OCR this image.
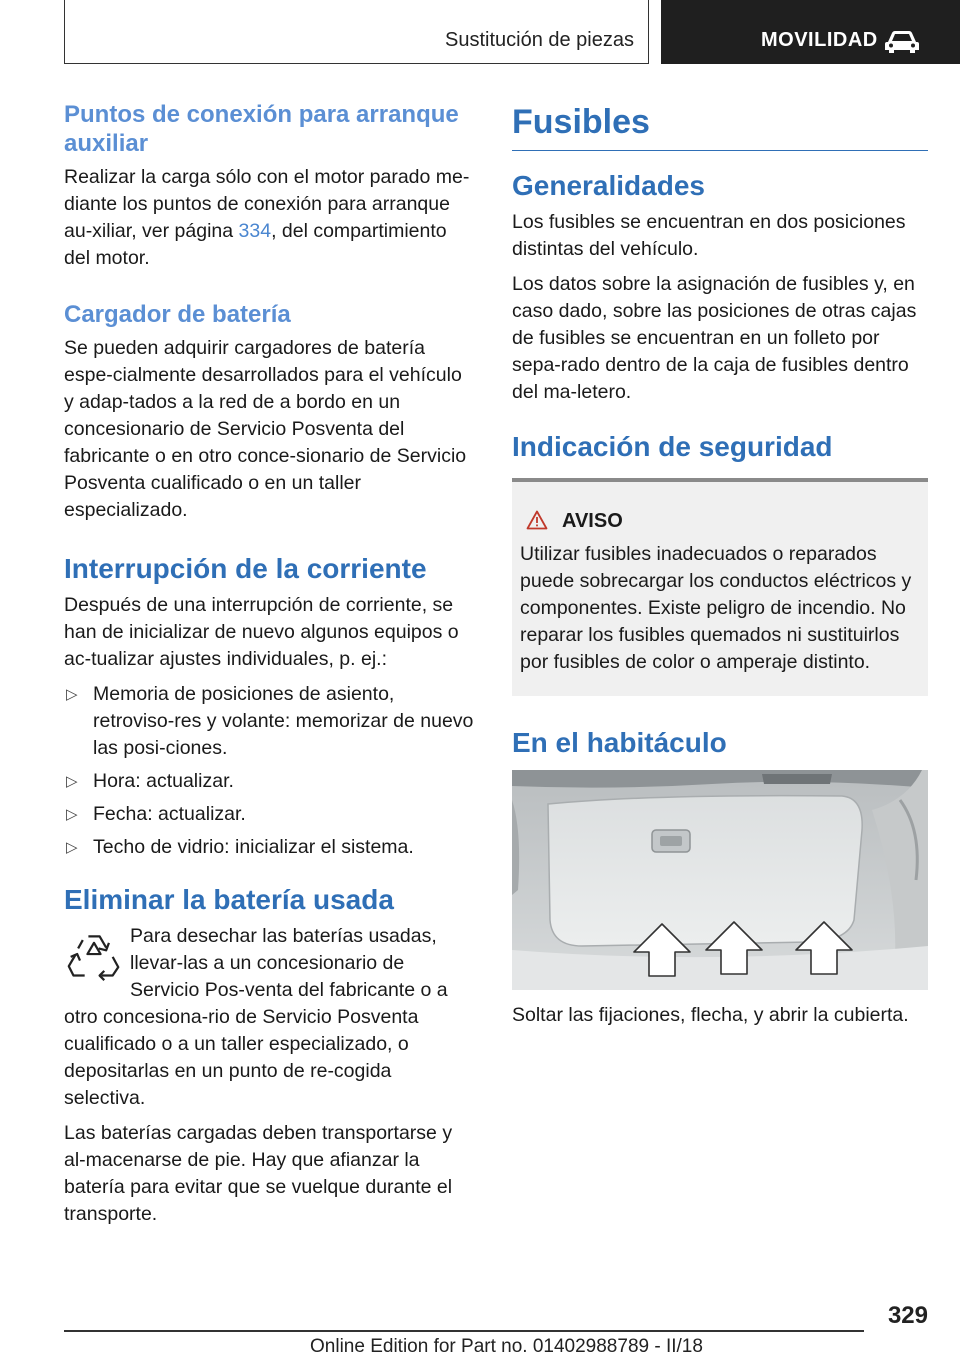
Sustitución de piezas	MOVILIDAD
Puntos de conexión para arranque auxiliar

Realizar la carga sólo con el motor parado me-diante los puntos de conexión para arranque au-xiliar, ver página 334, del compartimiento del motor.

Cargador de batería

Se pueden adquirir cargadores de batería espe-cialmente desarrollados para el vehículo y adap-tados a la red de a bordo en un concesionario de Servicio Posventa del fabricante o en otro conce-sionario de Servicio Posventa cualificado o en un taller especializado.

Interrupción de la corriente

Después de una interrupción de corriente, se han de inicializar de nuevo algunos equipos o ac-tualizar ajustes individuales, p. ej.:

▷ Memoria de posiciones de asiento, retroviso-res y volante: memorizar de nuevo las posi-ciones.
▷ Hora: actualizar.
▷ Fecha: actualizar.
▷ Techo de vidrio: inicializar el sistema.
Eliminar la batería usada

Para desechar las baterías usadas, llevar-las a un concesionario de Servicio Pos-venta del fabricante o a otro concesiona-rio de Servicio Posventa cualificado o a un taller especializado, o depositarlas en un punto de re-cogida selectiva.

Las baterías cargadas deben transportarse y al-macenarse de pie. Hay que afianzar la batería para evitar que se vuelque durante el transporte.

Fusibles
Generalidades

Los fusibles se encuentran en dos posiciones distintas del vehículo.

Los datos sobre la asignación de fusibles y, en caso dado, sobre las posiciones de otras cajas de fusibles se encuentran en un folleto por sepa-rado dentro de la caja de fusibles dentro del ma-letero.

Indicación de seguridad
AVISO
Utilizar fusibles inadecuados o reparados puede sobrecargar los conductos eléctricos y componentes. Existe peligro de incendio. No reparar los fusibles quemados ni sustituirlos por fusibles de color o amperaje distinto.
En el habitáculo

Soltar las fijaciones, flecha, y abrir la cubierta.

329
Online Edition for Part no. 01402988789 - II/18
